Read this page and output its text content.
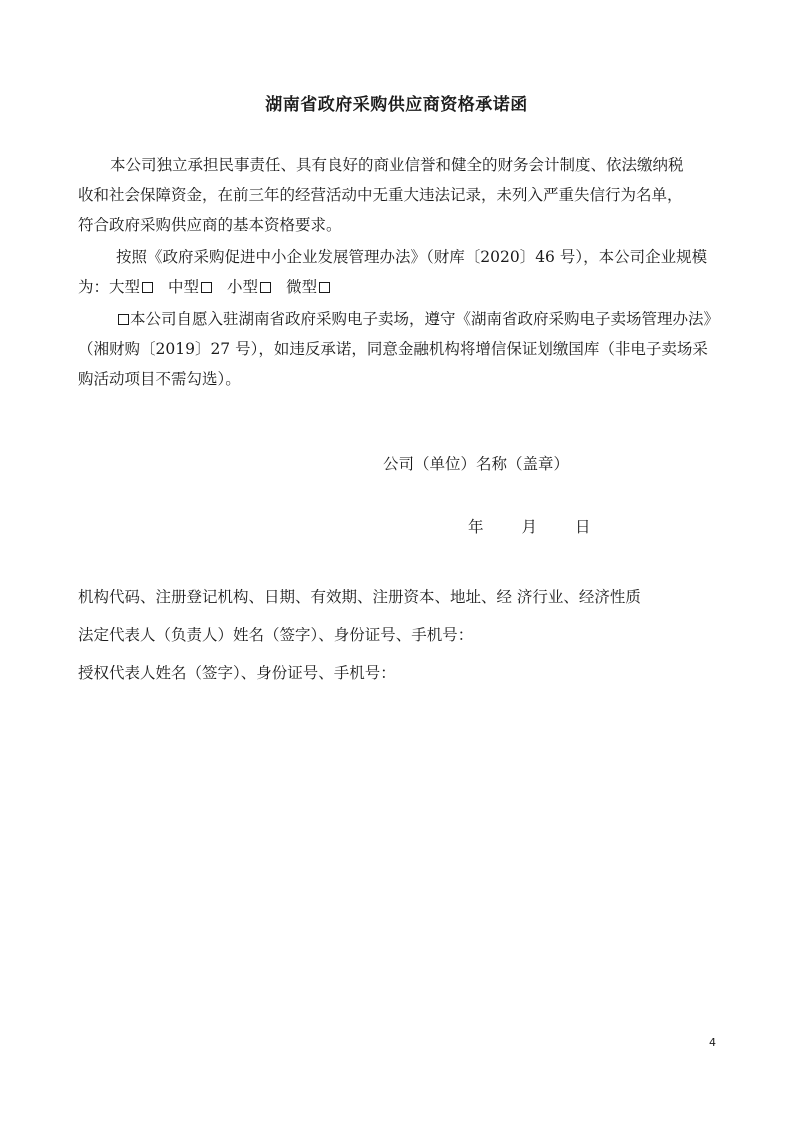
湖南省政府采购供应商资格承诺函
本公司独立承担民事责任、具有良好的商业信誉和健全的财务会计制度、依法缴纳税
收和社会保障资金，在前三年的经营活动中无重大违法记录，未列入严重失信行为名单，
符合政府采购供应商的基本资格要求。
按照《政府采购促进中小企业发展管理办法》（财库〔2020〕46 号），本公司企业规模
为：大型 中型 小型 微型
本公司自愿入驻湖南省政府采购电子卖场，遵守《湖南省政府采购电子卖场管理办法》
（湘财购〔2019〕27 号），如违反承诺，同意金融机构将增信保证划缴国库（非电子卖场采
购活动项目不需勾选）。
公司（单位）名称（盖章）
年 月 日
机构代码、注册登记机构、日期、有效期、注册资本、地址、经 济行业、经济性质
法定代表人（负责人）姓名（签字）、身份证号、手机号：
授权代表人姓名（签字）、身份证号、手机号：
4
